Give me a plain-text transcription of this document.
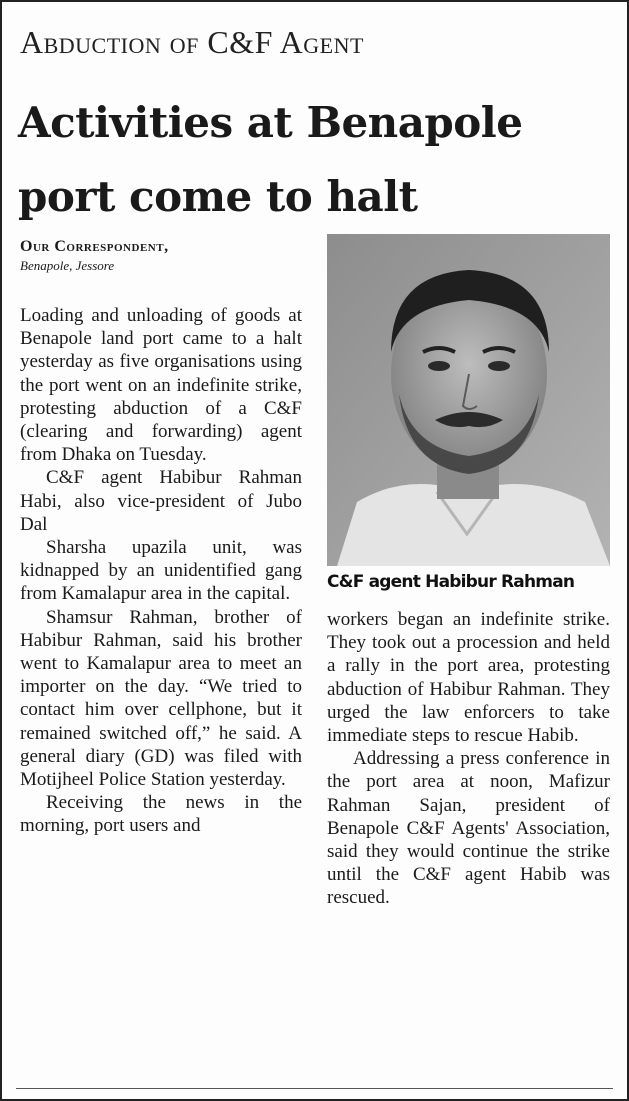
Abduction of C&F Agent
Activities at Benapole port come to halt
Our Correspondent,
Benapole, Jessore

Loading and unloading of goods at Benapole land port came to a halt yesterday as five organisations using the port went on an indefinite strike, protesting abduction of a C&F (clearing and forwarding) agent from Dhaka on Tuesday.

C&F agent Habibur Rahman Habi, also vice-president of Jubo Dal

Sharsha upazila unit, was kidnapped by an unidentified gang from Kamalapur area in the capital.

Shamsur Rahman, brother of Habibur Rahman, said his brother went to Kamalapur area to meet an importer on the day. “We tried to contact him over cellphone, but it remained switched off,” he said. A general diary (GD) was filed with Motijheel Police Station yesterday.

Receiving the news in the morning, port users and

C&F agent Habibur Rahman

workers began an indefinite strike. They took out a procession and held a rally in the port area, protesting abduction of Habibur Rahman. They urged the law enforcers to take immediate steps to rescue Habib.

Addressing a press conference in the port area at noon, Mafizur Rahman Sajan, president of Benapole C&F Agents' Association, said they would continue the strike until the C&F agent Habib was rescued.
